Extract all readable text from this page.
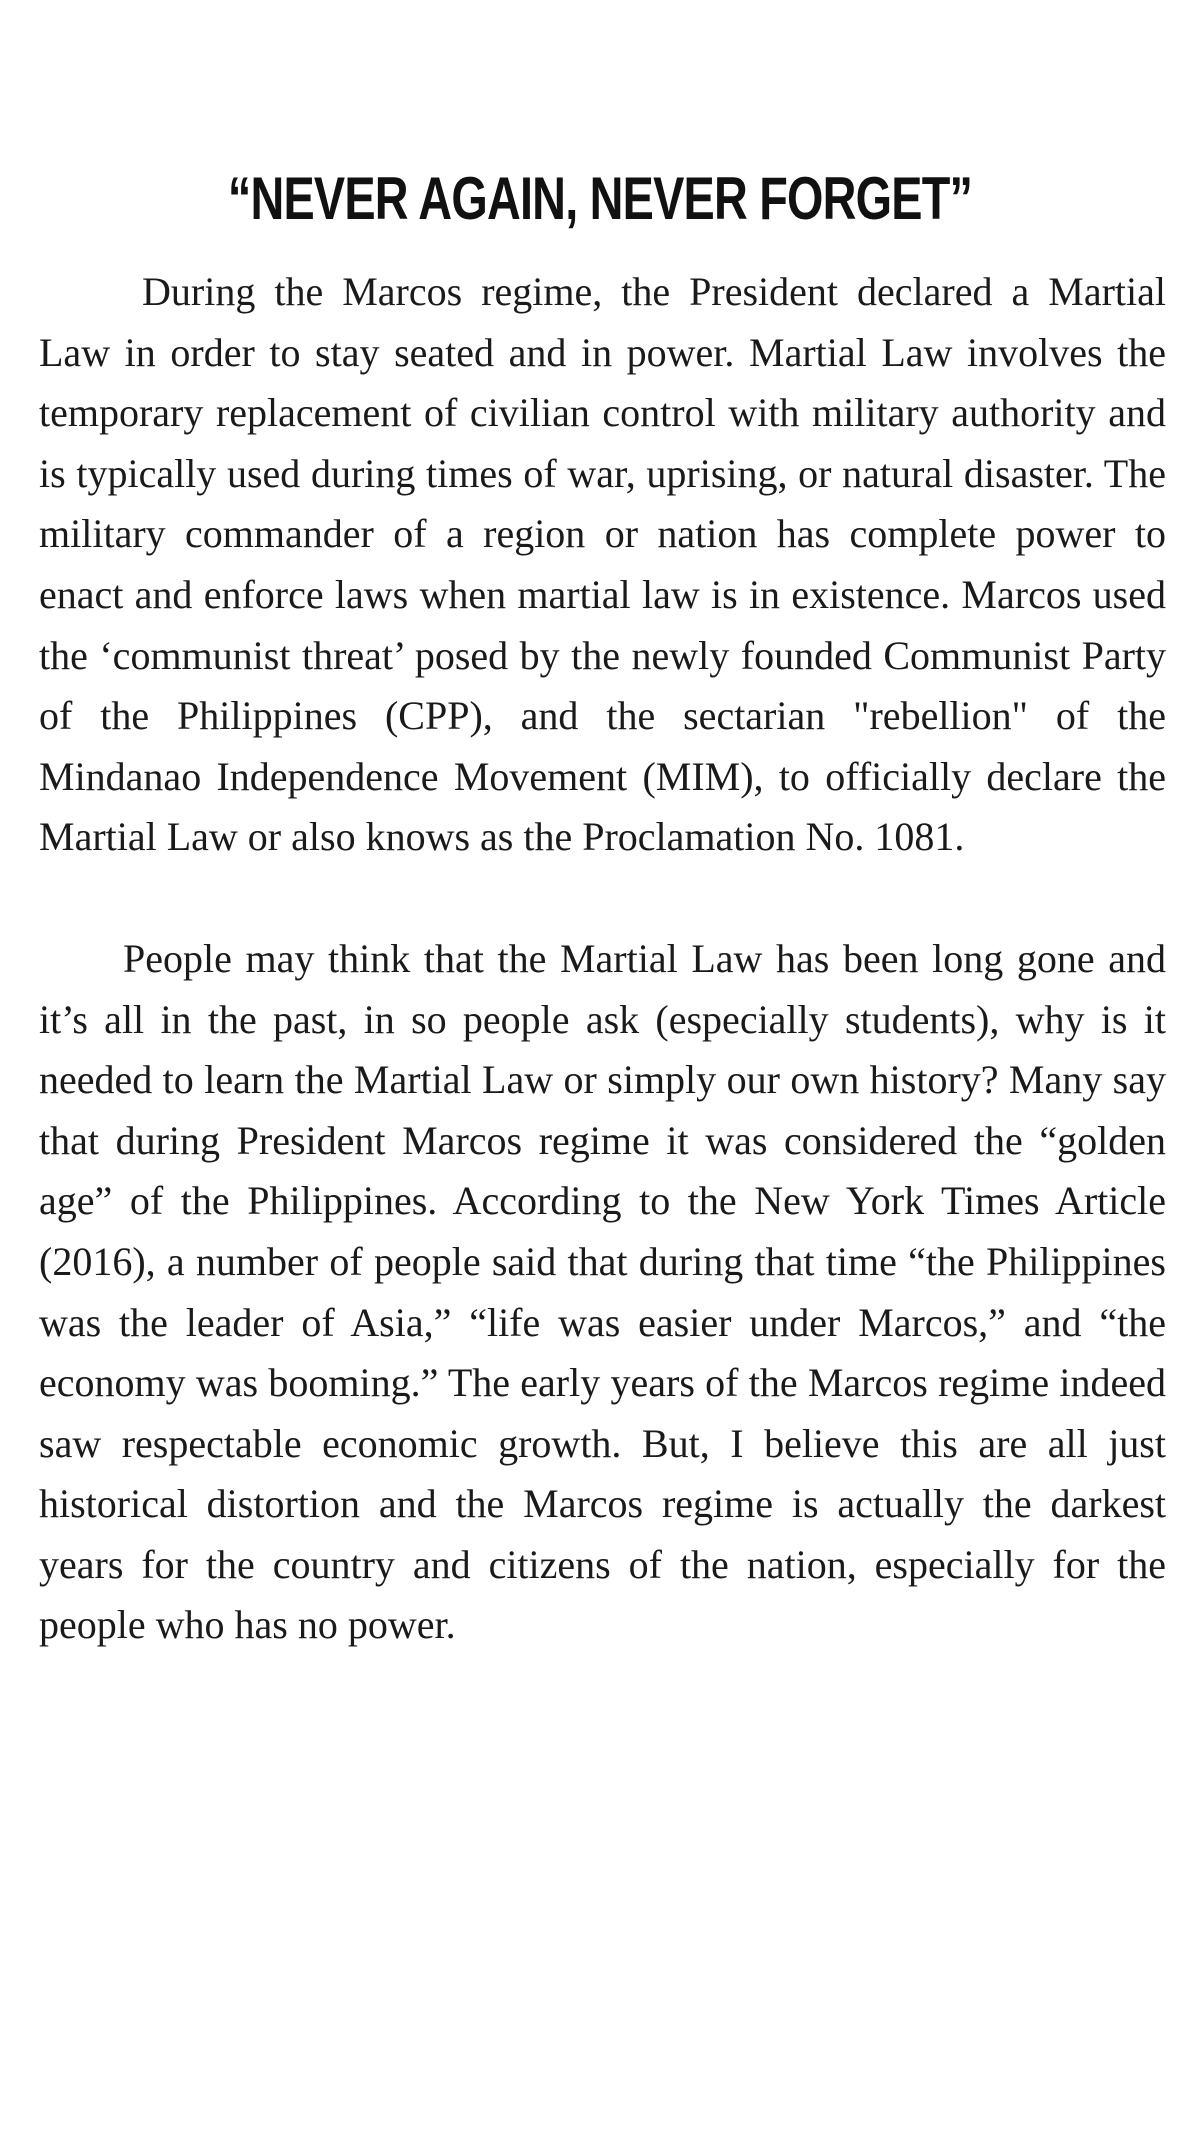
“NEVER AGAIN, NEVER FORGET”

During the Marcos regime, the President declared a Martial Law in order to stay seated and in power. Martial Law involves the temporary replacement of civilian control with military authority and is typically used during times of war, uprising, or natural disaster. The military commander of a region or nation has complete power to enact and enforce laws when martial law is in existence. Marcos used the ‘communist threat’ posed by the newly founded Communist Party of the Philippines (CPP), and the sectarian "rebellion" of the Mindanao Independence Movement (MIM), to officially declare the Martial Law or also knows as the Proclamation No. 1081.

People may think that the Martial Law has been long gone and it’s all in the past, in so people ask (especially students), why is it needed to learn the Martial Law or simply our own history? Many say that during President Marcos regime it was considered the “golden age” of the Philippines. According to the New York Times Article (2016), a number of people said that during that time “the Philippines was the leader of Asia,” “life was easier under Marcos,” and “the economy was booming.” The early years of the Marcos regime indeed saw respectable economic growth. But, I believe this are all just historical distortion and the Marcos regime is actually the darkest years for the country and citizens of the nation, especially for the people who has no power.
